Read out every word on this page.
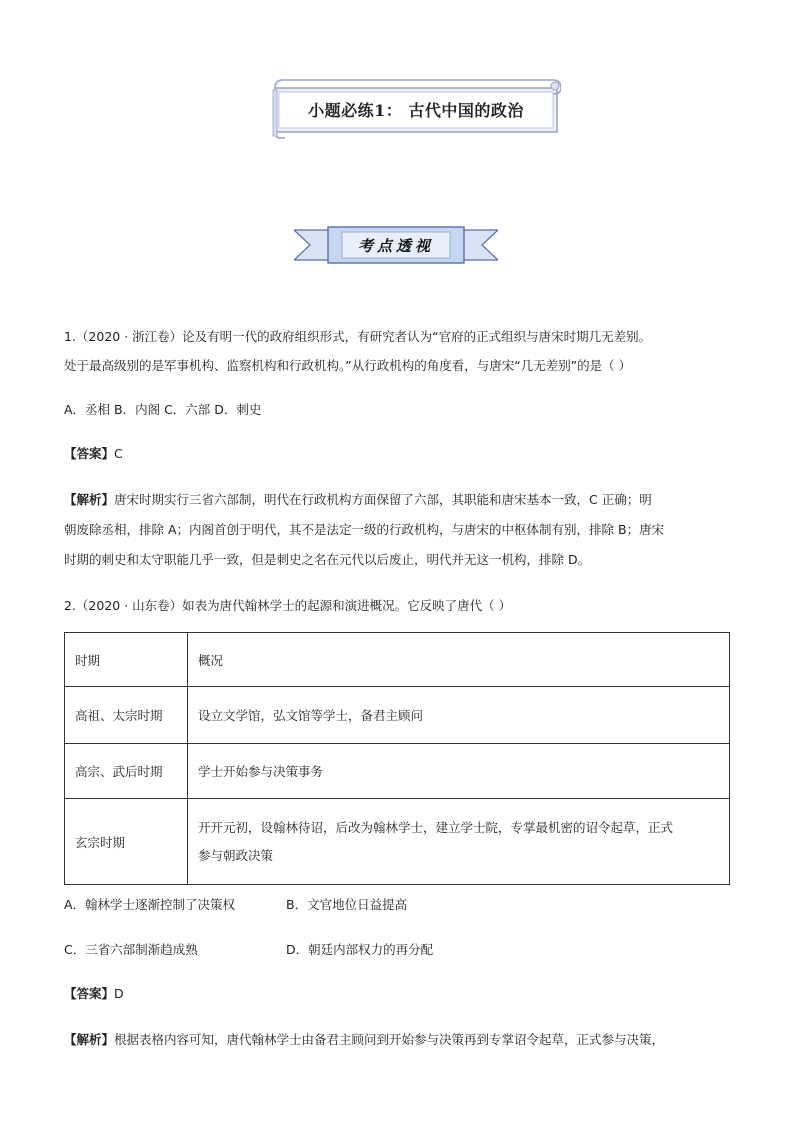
小题必练1： 古代中国的政治
考点透视
1.（2020 · 浙江卷）论及有明一代的政府组织形式，有研究者认为“官府的正式组织与唐宋时期几无差别。
处于最高级别的是军事机构、监察机构和行政机构。”从行政机构的角度看，与唐宋“几无差别”的是（ ）
A．丞相 B．内阁 C．六部 D．刺史
【答案】C
【解析】唐宋时期实行三省六部制，明代在行政机构方面保留了六部，其职能和唐宋基本一致，C 正确；明
朝废除丞相，排除 A；内阁首创于明代，其不是法定一级的行政机构，与唐宋的中枢体制有别，排除 B；唐宋
时期的刺史和太守职能几乎一致，但是刺史之名在元代以后废止，明代并无这一机构，排除 D。
2.（2020 · 山东卷）如表为唐代翰林学士的起源和演进概况。它反映了唐代（ ）
时期	概况
高祖、太宗时期	设立文学馆，弘文馆等学士，备君主顾问
高宗、武后时期	学士开始参与决策事务
玄宗时期	开开元初，设翰林待诏，后改为翰林学士，建立学士院，专掌最机密的诏令起草，正式
参与朝政决策
A．翰林学士逐渐控制了决策权	B．文官地位日益提高
C．三省六部制渐趋成熟	D．朝廷内部权力的再分配
【答案】D
【解析】根据表格内容可知，唐代翰林学士由备君主顾问到开始参与决策再到专掌诏令起草，正式参与决策，
